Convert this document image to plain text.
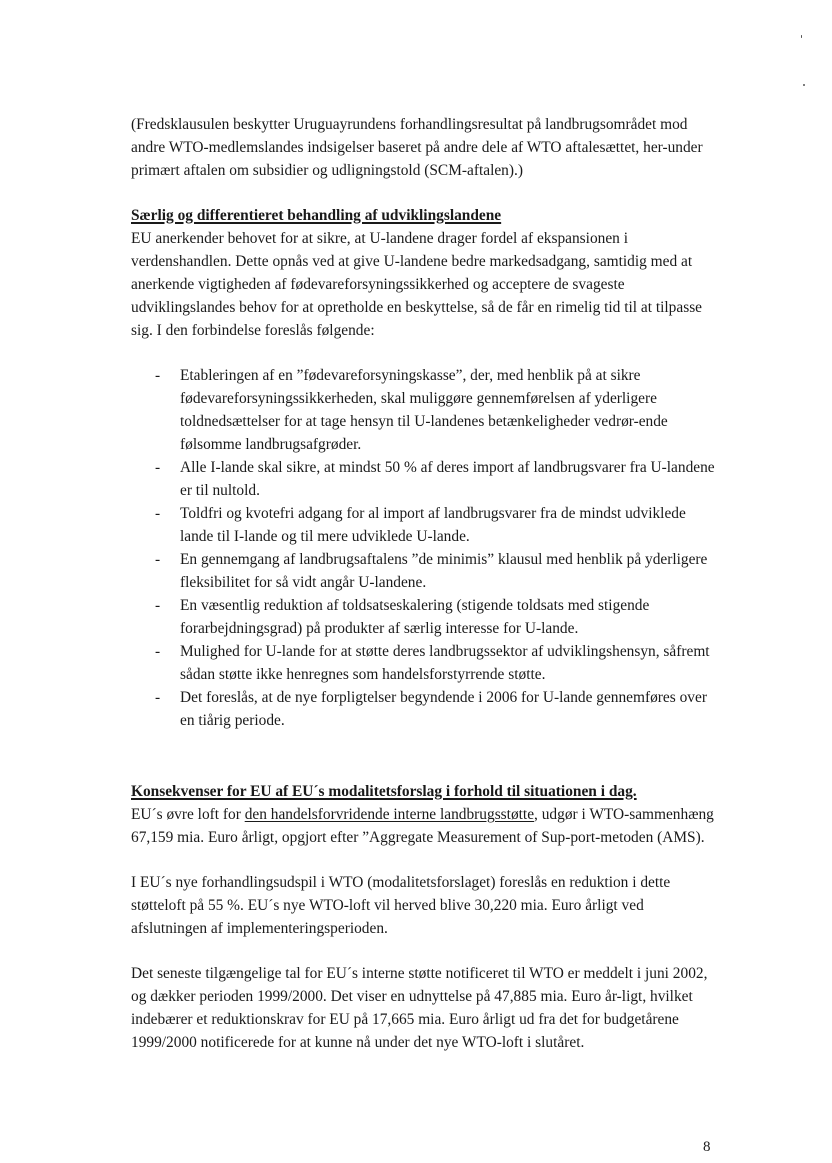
(Fredsklausulen beskytter Uruguayrundens forhandlingsresultat på landbrugsområdet mod andre WTO-medlemslandes indsigelser baseret på andre dele af WTO aftalesættet, her-under primært aftalen om subsidier og udligningstold (SCM-aftalen).)

Særlig og differentieret behandling af udviklingslandene

EU anerkender behovet for at sikre, at U-landene drager fordel af ekspansionen i verdenshandlen. Dette opnås ved at give U-landene bedre markedsadgang, samtidig med at anerkende vigtigheden af fødevareforsyningssikkerhed og acceptere de svageste udviklingslandes behov for at opretholde en beskyttelse, så de får en rimelig tid til at tilpasse sig. I den forbindelse foreslås følgende:

- Etableringen af en ”fødevareforsyningskasse”, der, med henblik på at sikre fødevareforsyningssikkerheden, skal muliggøre gennemførelsen af yderligere toldnedsættelser for at tage hensyn til U-landenes betænkeligheder vedrør-ende følsomme landbrugsafgrøder.
- Alle I-lande skal sikre, at mindst 50 % af deres import af landbrugsvarer fra U-landene er til nultold.
- Toldfri og kvotefri adgang for al import af landbrugsvarer fra de mindst udviklede lande til I-lande og til mere udviklede U-lande.
- En gennemgang af landbrugsaftalens ”de minimis” klausul med henblik på yderligere fleksibilitet for så vidt angår U-landene.
- En væsentlig reduktion af toldsatseskalering (stigende toldsats med stigende forarbejdningsgrad) på produkter af særlig interesse for U-lande.
- Mulighed for U-lande for at støtte deres landbrugssektor af udviklingshensyn, såfremt sådan støtte ikke henregnes som handelsforstyrrende støtte.
- Det foreslås, at de nye forpligtelser begyndende i 2006 for U-lande gennemføres over en tiårig periode.

Konsekvenser for EU af EU´s modalitetsforslag i forhold til situationen i dag.

EU´s øvre loft for den handelsforvridende interne landbrugsstøtte, udgør i WTO-sammenhæng 67,159 mia. Euro årligt, opgjort efter ”Aggregate Measurement of Sup-port-metoden (AMS).

I EU´s nye forhandlingsudspil i WTO (modalitetsforslaget) foreslås en reduktion i dette støtteloft på 55 %. EU´s nye WTO-loft vil herved blive 30,220 mia. Euro årligt ved afslutningen af implementeringsperioden.

Det seneste tilgængelige tal for EU´s interne støtte notificeret til WTO er meddelt i juni 2002, og dækker perioden 1999/2000. Det viser en udnyttelse på 47,885 mia. Euro år-ligt, hvilket indebærer et reduktionskrav for EU på 17,665 mia. Euro årligt ud fra det for budgetårene 1999/2000 notificerede for at kunne nå under det nye WTO-loft i slutåret.

8
